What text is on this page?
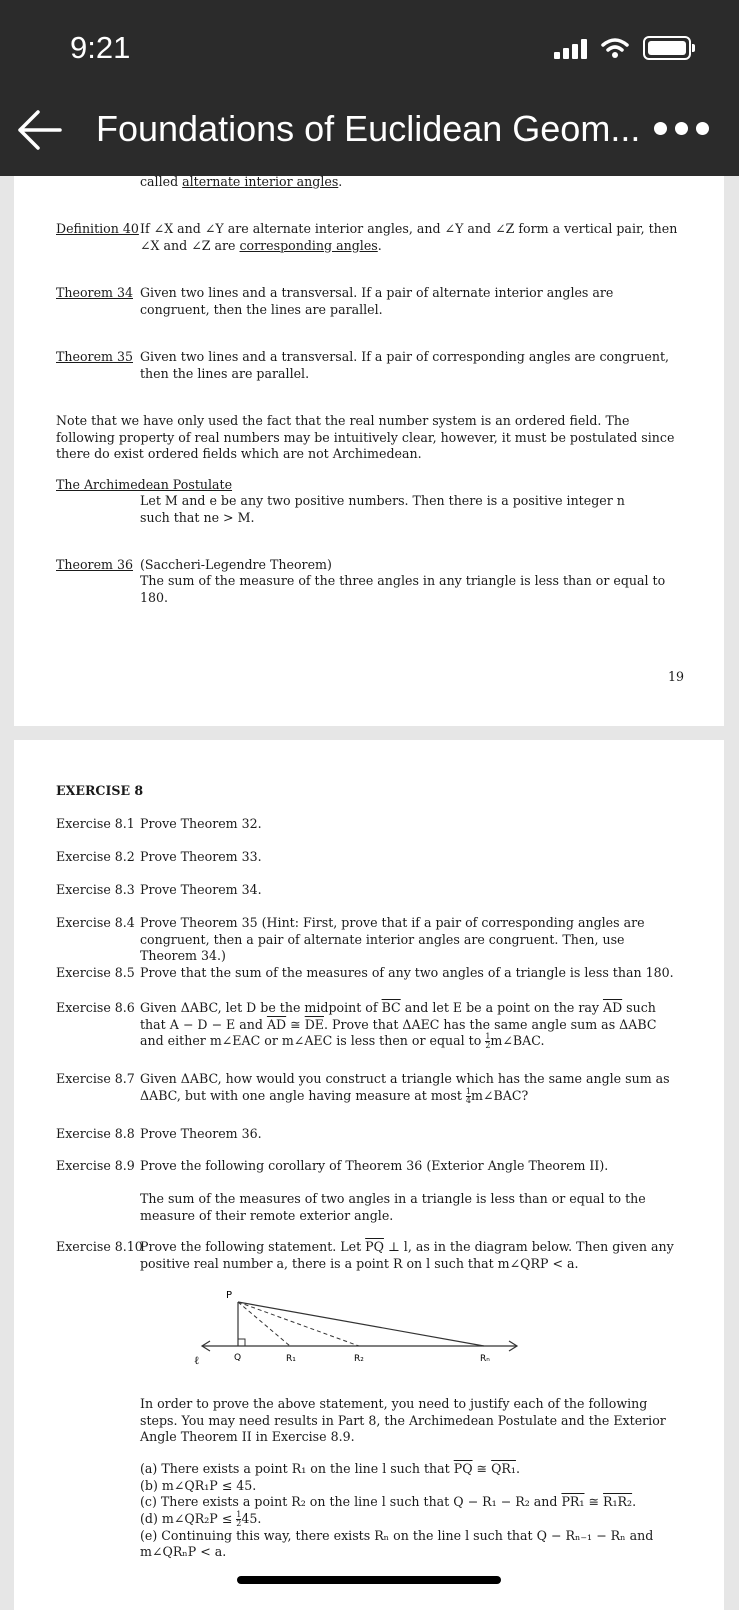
9:21
Foundations of Euclidean Geom...
called alternate interior angles.
Definition 40 If ∠X and ∠Y are alternate interior angles, and ∠Y and ∠Z form a vertical pair, then ∠X and ∠Z are corresponding angles.
Theorem 34 Given two lines and a transversal. If a pair of alternate interior angles are congruent, then the lines are parallel.
Theorem 35 Given two lines and a transversal. If a pair of corresponding angles are congruent, then the lines are parallel.
Note that we have only used the fact that the real number system is an ordered field. The following property of real numbers may be intuitively clear, however, it must be postulated since there do exist ordered fields which are not Archimedean.
The Archimedean Postulate
Let M and e be any two positive numbers. Then there is a positive integer n such that ne > M.
Theorem 36 (Saccheri-Legendre Theorem)
The sum of the measure of the three angles in any triangle is less than or equal to 180.
19
EXERCISE 8
Exercise 8.1 Prove Theorem 32.
Exercise 8.2 Prove Theorem 33.
Exercise 8.3 Prove Theorem 34.
Exercise 8.4 Prove Theorem 35 (Hint: First, prove that if a pair of corresponding angles are congruent, then a pair of alternate interior angles are congruent. Then, use Theorem 34.)
Exercise 8.5 Prove that the sum of the measures of any two angles of a triangle is less than 180.
Exercise 8.6 Given ΔABC, let D be the midpoint of $\overline{BC}$ and let E be a point on the ray $\overline{AD}$ such that A − D − E and $\overline{AD}$ ≅ $\overline{DE}$. Prove that ΔAEC has the same angle sum as ΔABC and either m∠EAC or m∠AEC is less then or equal to $\frac{1}{2}$ m∠BAC.
Exercise 8.7 Given ΔABC, how would you construct a triangle which has the same angle sum as ΔABC, but with one angle having measure at most $\frac{1}{4}$ m∠BAC?
Exercise 8.8 Prove Theorem 36.
Exercise 8.9 Prove the following corollary of Theorem 36 (Exterior Angle Theorem II).
The sum of the measures of two angles in a triangle is less than or equal to the measure of their remote exterior angle.
Exercise 8.10
Prove the following statement. Let $\overline{PQ}$ ⊥ l, as in the diagram below. Then given any positive real number a, there is a point R on l such that m∠QRP < a.
P
Q
ℓ	R₁	R₂	Rₙ
In order to prove the above statement, you need to justify each of the following steps. You may need results in Part 8, the Archimedean Postulate and the Exterior Angle Theorem II in Exercise 8.9.
(a) There exists a point R₁ on the line l such that $\overline{PQ}$ ≅ QR₁.
(b) m∠QR₁P ≤ 45.
(c) There exists a point R₂ on the line l such that Q − R₁ − R₂ and PR₁ ≅ R₁R₂.
(d) m∠QR₂P ≤ $\frac{1}{2} 45$.
(e) Continuing this way, there exists Rₙ on the line l such that Q − Rₙ₋₁ − Rₙ and m∠QRₙP < a.
